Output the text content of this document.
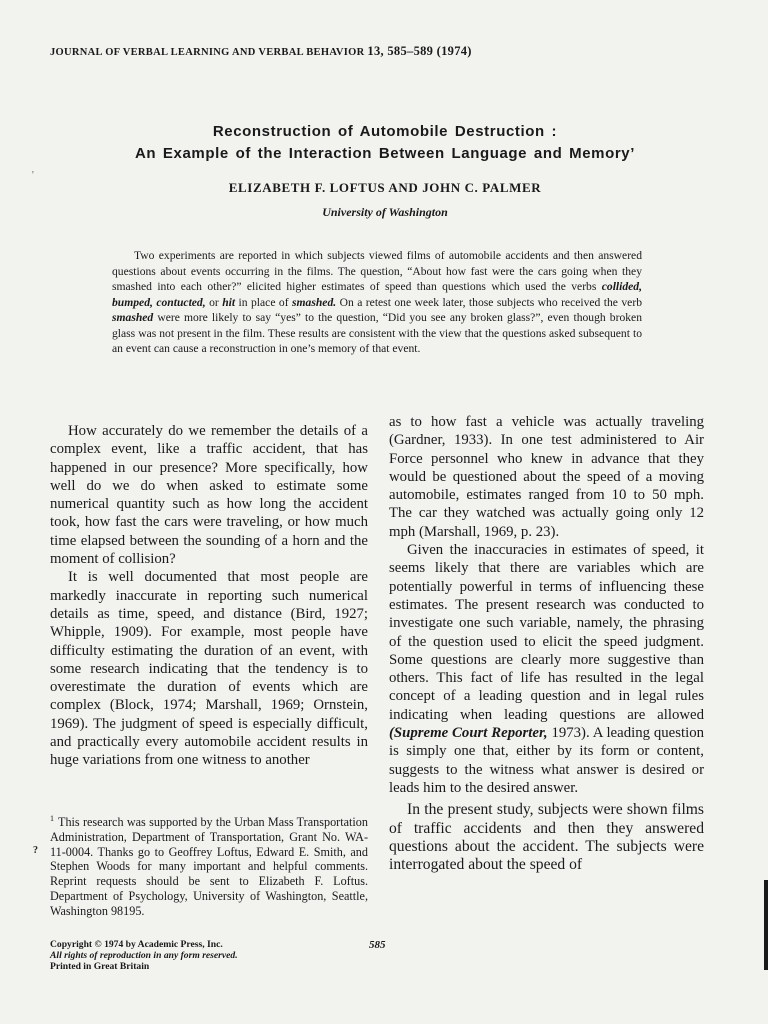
JOURNAL OF VERBAL LEARNING AND VERBAL BEHAVIOR 13, 585–589 (1974)
Reconstruction of Automobile Destruction :
An Example of the Interaction Between Language and Memory’
'
ELIZABETH F. LOFTUS AND JOHN C. PALMER
University of Washington
Two experiments are reported in which subjects viewed films of automobile accidents and then answered questions about events occurring in the films. The question, “About how fast were the cars going when they smashed into each other?” elicited higher estimates of speed than questions which used the verbs collided, bumped, contucted, or hit in place of smashed. On a retest one week later, those subjects who received the verb smashed were more likely to say “yes” to the question, “Did you see any broken glass?”, even though broken glass was not present in the film. These results are consistent with the view that the questions asked subsequent to an event can cause a reconstruction in one’s memory of that event.

How accurately do we remember the details of a complex event, like a traffic accident, that has happened in our presence? More specifically, how well do we do when asked to estimate some numerical quantity such as how long the accident took, how fast the cars were traveling, or how much time elapsed between the sounding of a horn and the moment of collision?

It is well documented that most people are markedly inaccurate in reporting such numerical details as time, speed, and distance (Bird, 1927; Whipple, 1909). For example, most people have difficulty estimating the duration of an event, with some research indicating that the tendency is to overestimate the duration of events which are complex (Block, 1974; Marshall, 1969; Ornstein, 1969). The judgment of speed is especially difficult, and practically every automobile accident results in huge variations from one witness to another

$^1$ This research was supported by the Urban Mass Transportation Administration, Department of Transportation, Grant No. WA-11-0004. Thanks go to Geoffrey Loftus, Edward E. Smith, and Stephen Woods for many important and helpful comments. Reprint requests should be sent to Elizabeth F. Loftus. Department of Psychology, University of Washington, Seattle, Washington 98195.
?

as to how fast a vehicle was actually traveling (Gardner, 1933). In one test administered to Air Force personnel who knew in advance that they would be questioned about the speed of a moving automobile, estimates ranged from 10 to 50 mph. The car they watched was actually going only 12 mph (Marshall, 1969, p. 23).

Given the inaccuracies in estimates of speed, it seems likely that there are variables which are potentially powerful in terms of influencing these estimates. The present research was conducted to investigate one such variable, namely, the phrasing of the question used to elicit the speed judgment. Some questions are clearly more suggestive than others. This fact of life has resulted in the legal concept of a leading question and in legal rules indicating when leading questions are allowed (Supreme Court Reporter, 1973). A leading question is simply one that, either by its form or content, suggests to the witness what answer is desired or leads him to the desired answer.

In the present study, subjects were shown films of traffic accidents and then they answered questions about the accident. The subjects were interrogated about the speed of

Copyright © 1974 by Academic Press, Inc.
All rights of reproduction in any form reserved.
Printed in Great Britain
585
